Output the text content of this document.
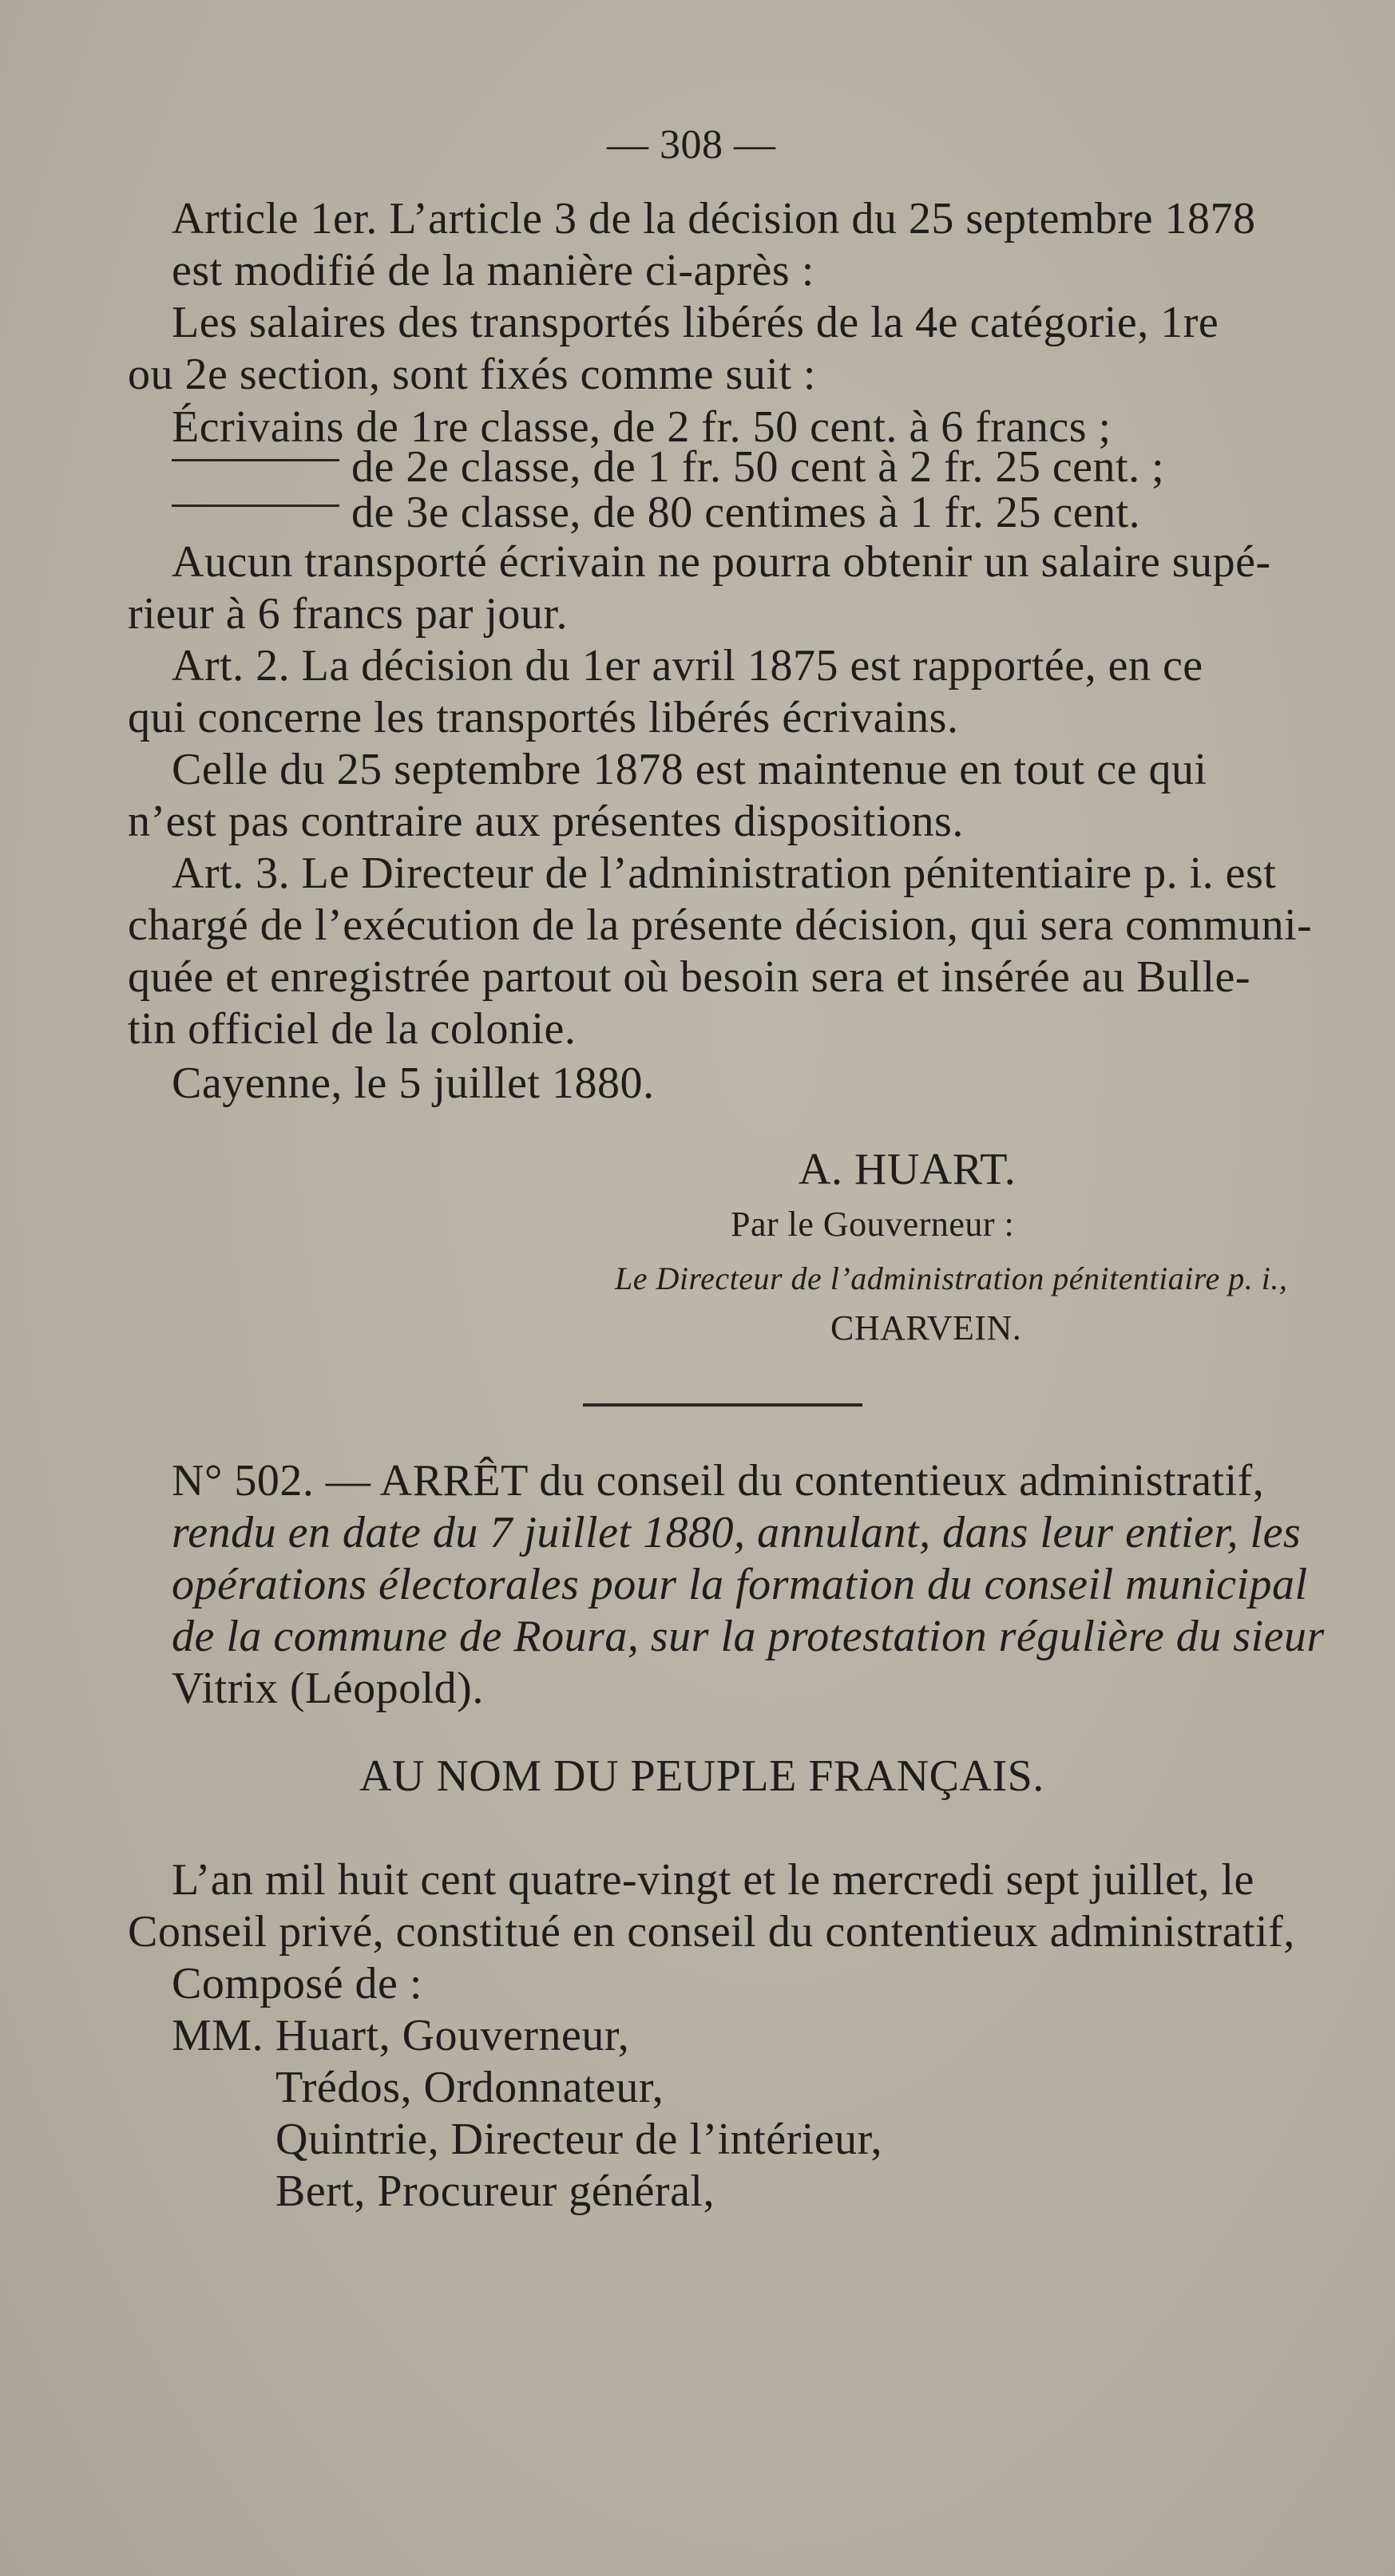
— 308 —
Article 1er. L’article 3 de la décision du 25 septembre 1878
est modifié de la manière ci-après :
Les salaires des transportés libérés de la 4e catégorie, 1re
ou 2e section, sont fixés comme suit :
Écrivains de 1re classe, de 2 fr. 50 cent. à 6 francs ;
de 2e classe, de 1 fr. 50 cent à 2 fr. 25 cent. ;
de 3e classe, de 80 centimes à 1 fr. 25 cent.
Aucun transporté écrivain ne pourra obtenir un salaire supé-
rieur à 6 francs par jour.
Art. 2. La décision du 1er avril 1875 est rapportée, en ce
qui concerne les transportés libérés écrivains.
Celle du 25 septembre 1878 est maintenue en tout ce qui
n’est pas contraire aux présentes dispositions.
Art. 3. Le Directeur de l’administration pénitentiaire p. i. est
chargé de l’exécution de la présente décision, qui sera communi-
quée et enregistrée partout où besoin sera et insérée au Bulle-
tin officiel de la colonie.
Cayenne, le 5 juillet 1880.
A. HUART.
Par le Gouverneur :
Le Directeur de l’administration pénitentiaire p. i.,
CHARVEIN.
N° 502. — ARRÊT du conseil du contentieux administratif,
rendu en date du 7 juillet 1880, annulant, dans leur entier, les
opérations électorales pour la formation du conseil municipal
de la commune de Roura, sur la protestation régulière du sieur
Vitrix (Léopold).
AU NOM DU PEUPLE FRANÇAIS.
L’an mil huit cent quatre-vingt et le mercredi sept juillet, le
Conseil privé, constitué en conseil du contentieux administratif,
Composé de :
MM. Huart, Gouverneur,
Trédos, Ordonnateur,
Quintrie, Directeur de l’intérieur,
Bert, Procureur général,
